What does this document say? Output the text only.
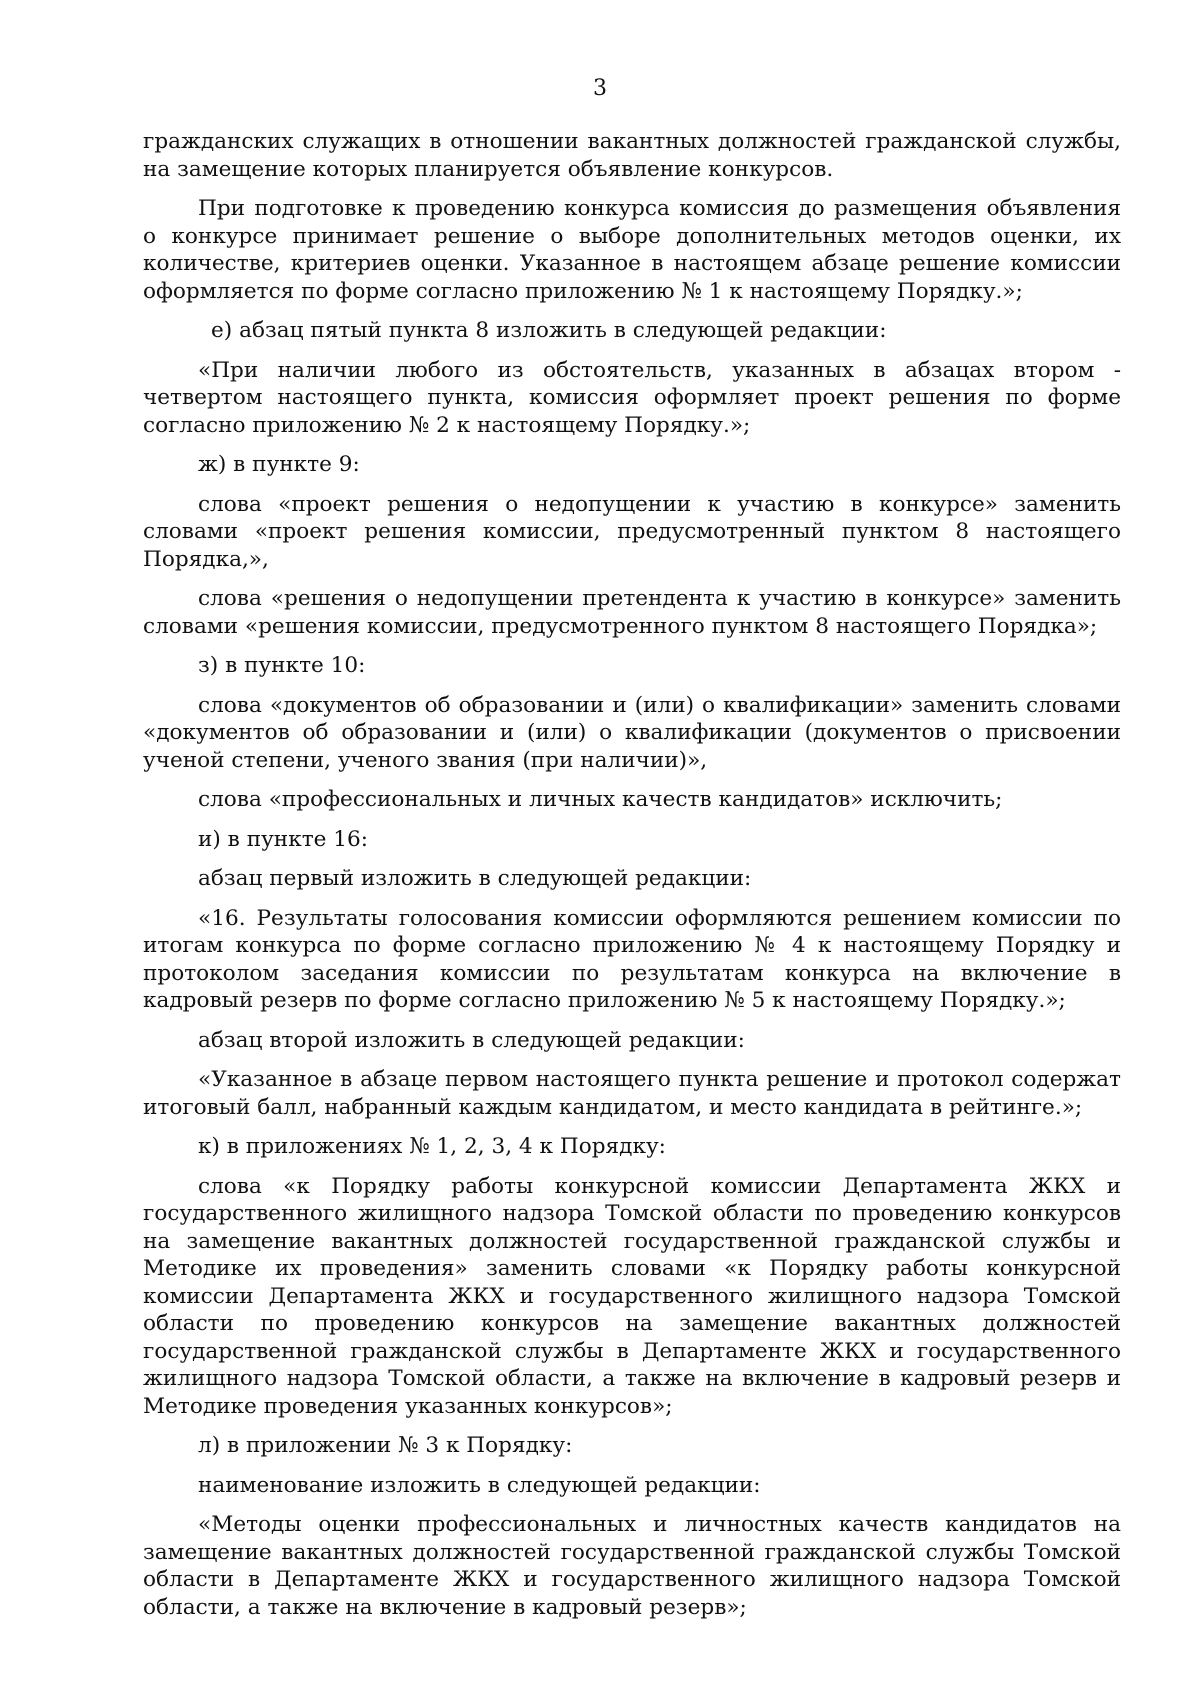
3

гражданских служащих в отношении вакантных должностей гражданской службы, на замещение которых планируется объявление конкурсов.

При подготовке к проведению конкурса комиссия до размещения объявления о конкурсе принимает решение о выборе дополнительных методов оценки, их количестве, критериев оценки. Указанное в настоящем абзаце решение комиссии оформляется по форме согласно приложению № 1 к настоящему Порядку.»;

е) абзац пятый пункта 8 изложить в следующей редакции:

«При наличии любого из обстоятельств, указанных в абзацах втором - четвертом настоящего пункта, комиссия оформляет проект решения по форме согласно приложению № 2 к настоящему Порядку.»;

ж) в пункте 9:

слова «проект решения о недопущении к участию в конкурсе» заменить словами «проект решения комиссии, предусмотренный пунктом 8 настоящего Порядка,»,

слова «решения о недопущении претендента к участию в конкурсе» заменить словами «решения комиссии, предусмотренного пунктом 8 настоящего Порядка»;

з) в пункте 10:

слова «документов об образовании и (или) о квалификации» заменить словами «документов об образовании и (или) о квалификации (документов о присвоении ученой степени, ученого звания (при наличии)»,

слова «профессиональных и личных качеств кандидатов» исключить;

и) в пункте 16:

абзац первый изложить в следующей редакции:

«16. Результаты голосования комиссии оформляются решением комиссии по итогам конкурса по форме согласно приложению № 4 к настоящему Порядку и протоколом заседания комиссии по результатам конкурса на включение в кадровый резерв по форме согласно приложению № 5 к настоящему Порядку.»;

абзац второй изложить в следующей редакции:

«Указанное в абзаце первом настоящего пункта решение и протокол содержат итоговый балл, набранный каждым кандидатом, и место кандидата в рейтинге.»;

к) в приложениях № 1, 2, 3, 4 к Порядку:

слова «к Порядку работы конкурсной комиссии Департамента ЖКХ и государственного жилищного надзора Томской области по проведению конкурсов на замещение вакантных должностей государственной гражданской службы и Методике их проведения» заменить словами «к Порядку работы конкурсной комиссии Департамента ЖКХ и государственного жилищного надзора Томской области по проведению конкурсов на замещение вакантных должностей государственной гражданской службы в Департаменте ЖКХ и государственного жилищного надзора Томской области, а также на включение в кадровый резерв и Методике проведения указанных конкурсов»;

л) в приложении № 3 к Порядку:

наименование изложить в следующей редакции:

«Методы оценки профессиональных и личностных качеств кандидатов на замещение вакантных должностей государственной гражданской службы Томской области в Департаменте ЖКХ и государственного жилищного надзора Томской области, а также на включение в кадровый резерв»;
